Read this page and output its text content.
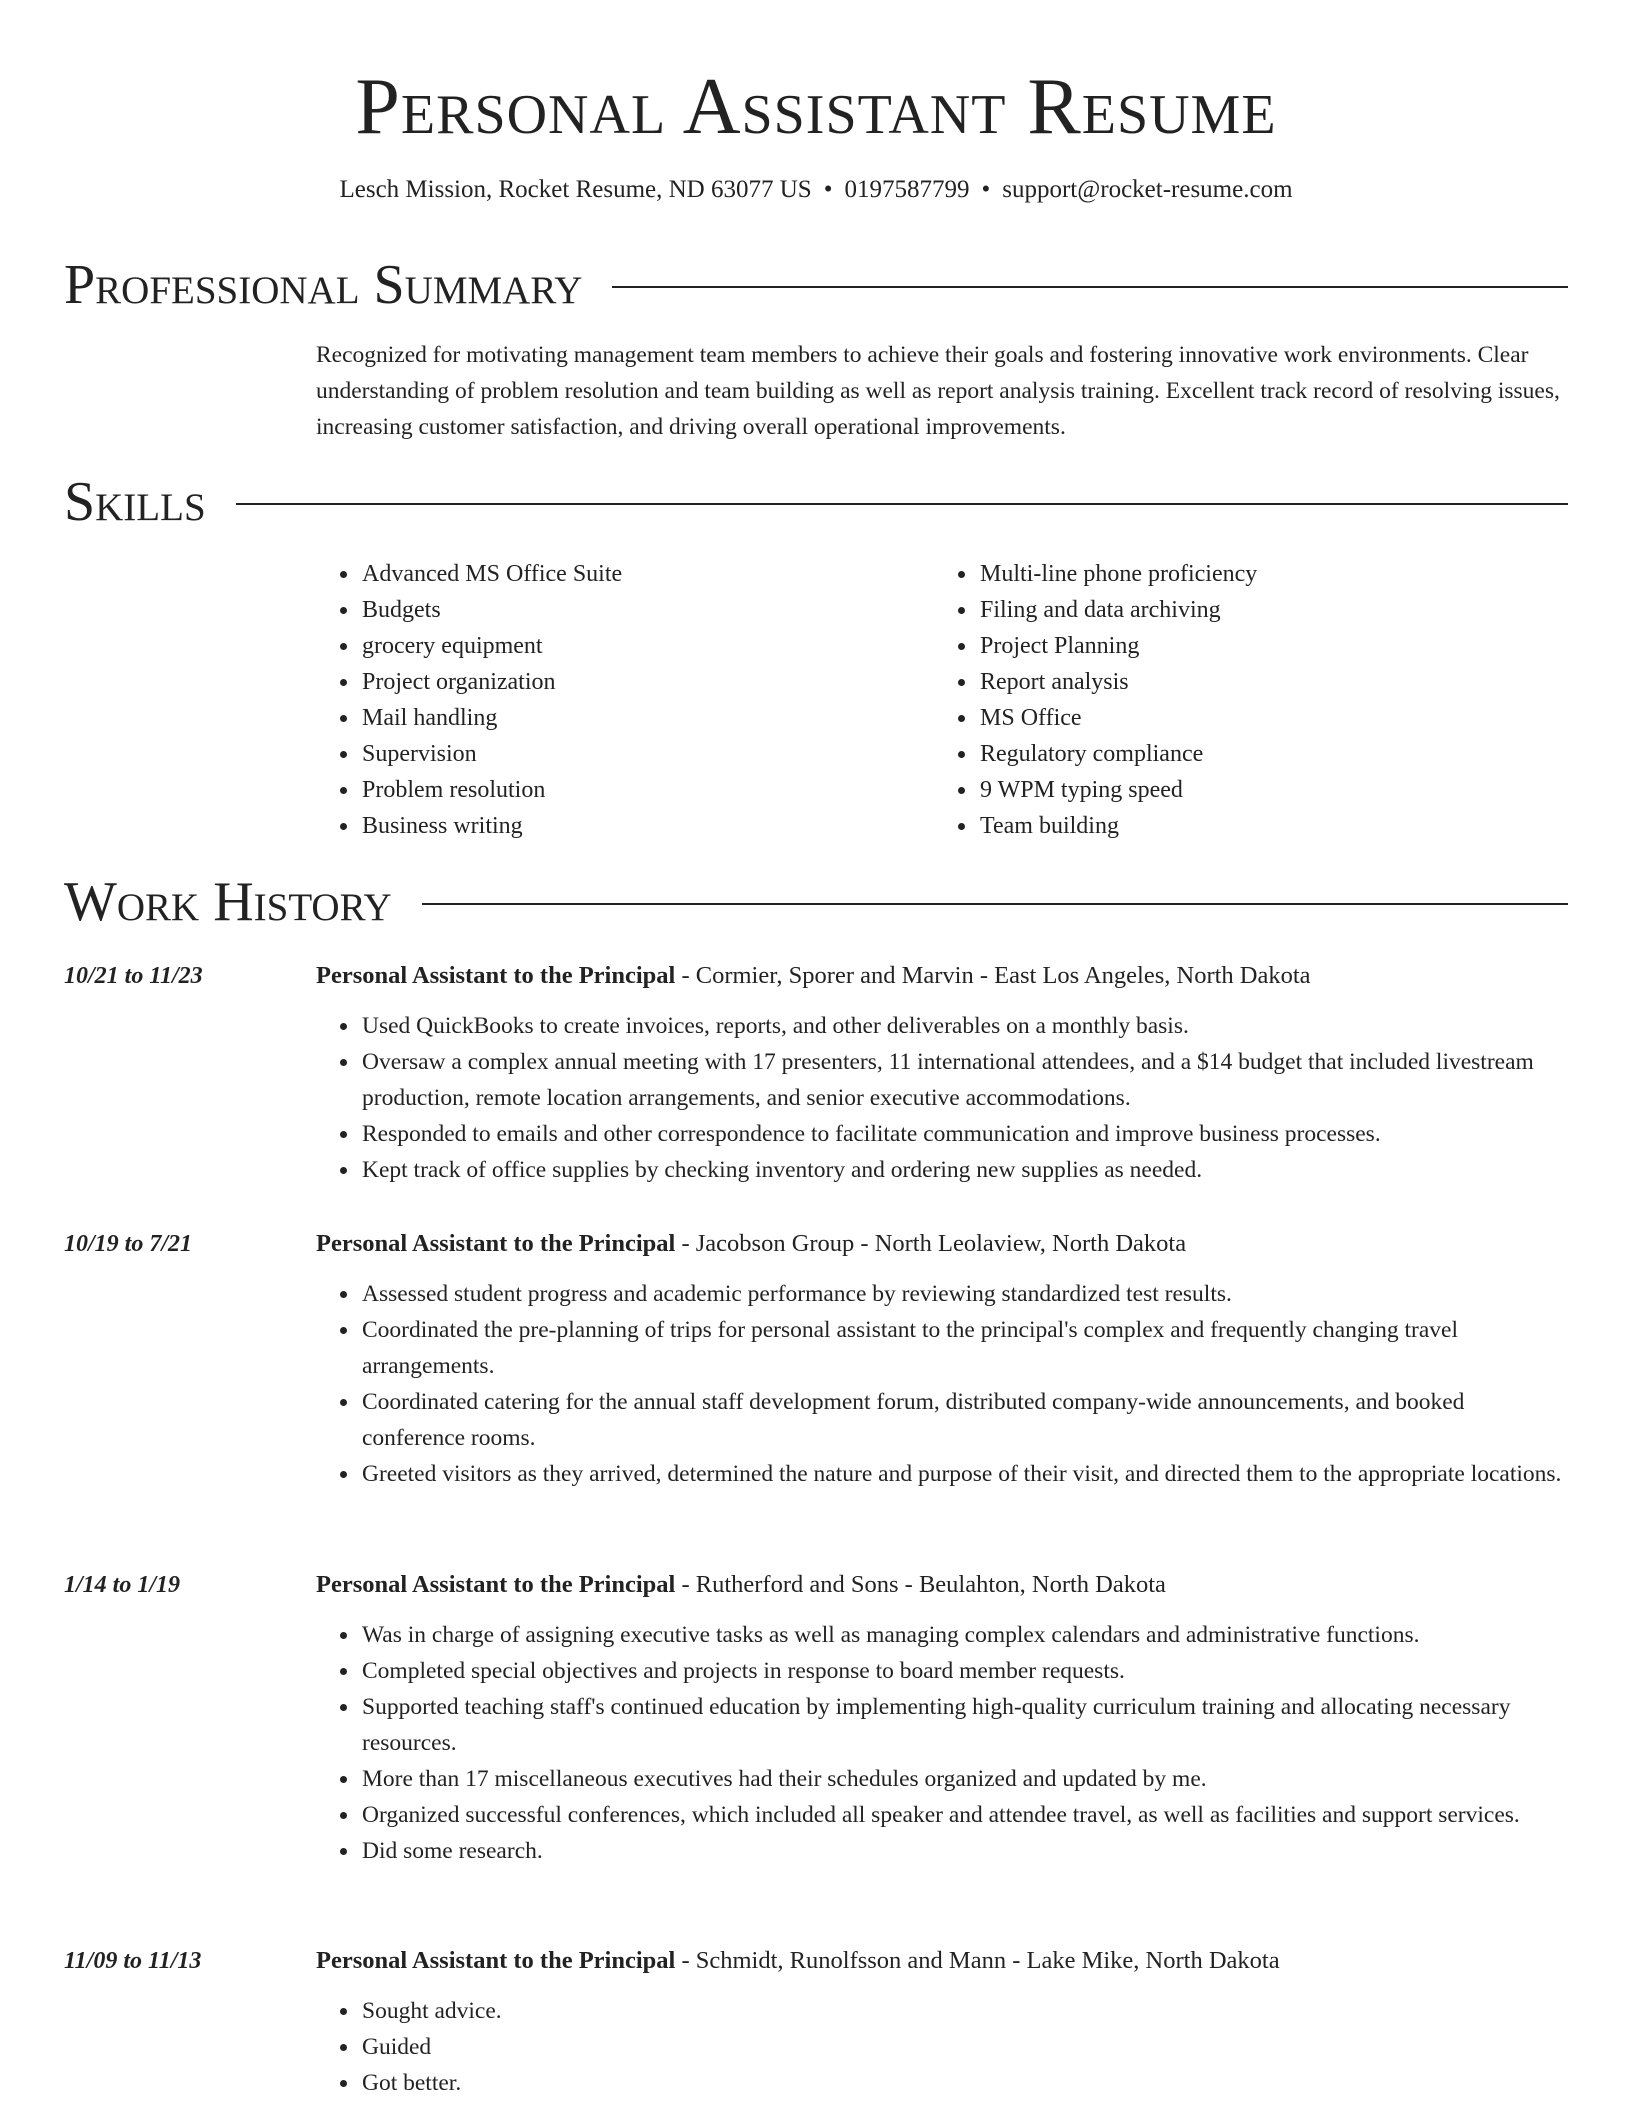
Personal Assistant Resume
Lesch Mission, Rocket Resume, ND 63077 US • 0197587799 • support@rocket-resume.com
Professional Summary
Recognized for motivating management team members to achieve their goals and fostering innovative work environments. Clear understanding of problem resolution and team building as well as report analysis training. Excellent track record of resolving issues, increasing customer satisfaction, and driving overall operational improvements.
Skills
• Advanced MS Office Suite
• Budgets
• grocery equipment
• Project organization
• Mail handling
• Supervision
• Problem resolution
• Business writing
• Multi-line phone proficiency
• Filing and data archiving
• Project Planning
• Report analysis
• MS Office
• Regulatory compliance
• 9 WPM typing speed
• Team building
Work History
10/21 to 11/23	Personal Assistant to the Principal - Cormier, Sporer and Marvin - East Los Angeles, North Dakota
• Used QuickBooks to create invoices, reports, and other deliverables on a monthly basis.
• Oversaw a complex annual meeting with 17 presenters, 11 international attendees, and a $14 budget that included livestream production, remote location arrangements, and senior executive accommodations.
• Responded to emails and other correspondence to facilitate communication and improve business processes.
• Kept track of office supplies by checking inventory and ordering new supplies as needed.
10/19 to 7/21	Personal Assistant to the Principal - Jacobson Group - North Leolaview, North Dakota
• Assessed student progress and academic performance by reviewing standardized test results.
• Coordinated the pre-planning of trips for personal assistant to the principal's complex and frequently changing travel arrangements.
• Coordinated catering for the annual staff development forum, distributed company-wide announcements, and booked conference rooms.
• Greeted visitors as they arrived, determined the nature and purpose of their visit, and directed them to the appropriate locations.
1/14 to 1/19	Personal Assistant to the Principal - Rutherford and Sons - Beulahton, North Dakota
• Was in charge of assigning executive tasks as well as managing complex calendars and administrative functions.
• Completed special objectives and projects in response to board member requests.
• Supported teaching staff's continued education by implementing high-quality curriculum training and allocating necessary resources.
• More than 17 miscellaneous executives had their schedules organized and updated by me.
• Organized successful conferences, which included all speaker and attendee travel, as well as facilities and support services.
• Did some research.
11/09 to 11/13	Personal Assistant to the Principal - Schmidt, Runolfsson and Mann - Lake Mike, North Dakota
• Sought advice.
• Guided
• Got better.
